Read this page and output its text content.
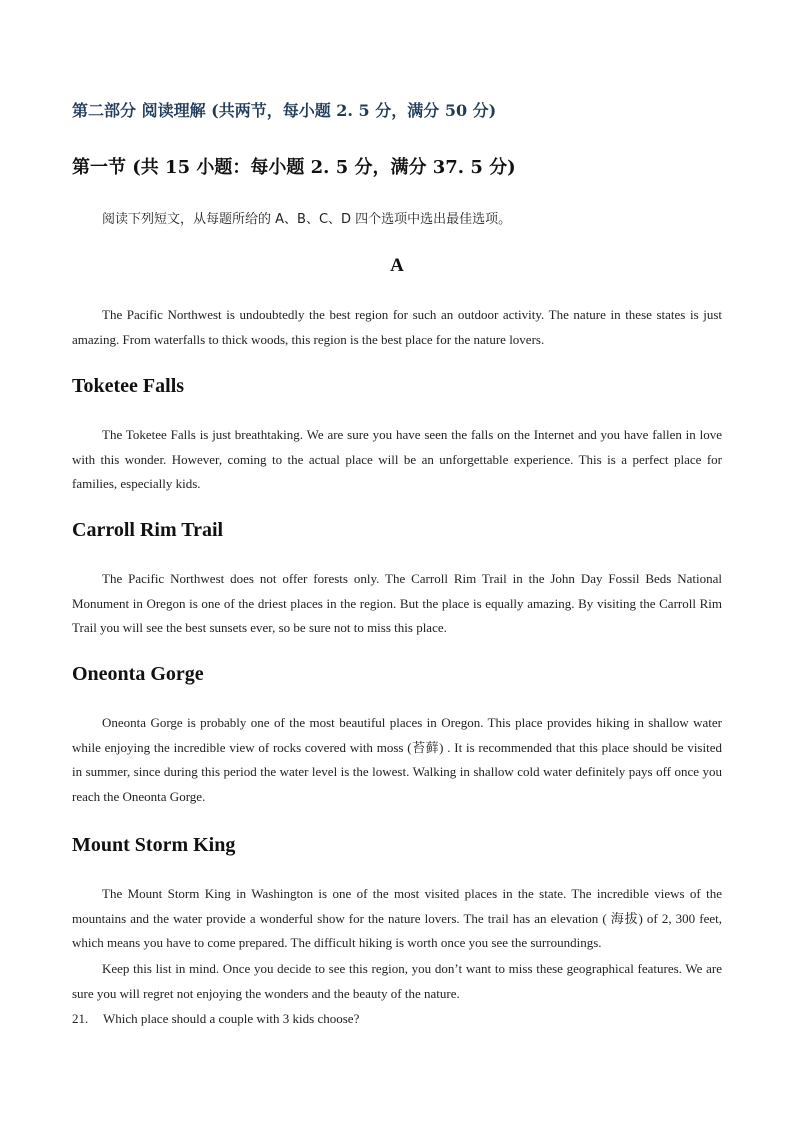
第二部分 阅读理解 (共两节，每小题 2. 5 分，满分 50 分)
第一节 (共 15 小题：每小题 2. 5 分，满分 37. 5 分)
阅读下列短文，从每题所给的 A、B、C、D 四个选项中选出最佳选项。
A

The Pacific Northwest is undoubtedly the best region for such an outdoor activity. The nature in these states is just amazing. From waterfalls to thick woods, this region is the best place for the nature lovers.

Toketee Falls

The Toketee Falls is just breathtaking. We are sure you have seen the falls on the Internet and you have fallen in love with this wonder. However, coming to the actual place will be an unforgettable experience. This is a perfect place for families, especially kids.

Carroll Rim Trail

The Pacific Northwest does not offer forests only. The Carroll Rim Trail in the John Day Fossil Beds National Monument in Oregon is one of the driest places in the region. But the place is equally amazing. By visiting the Carroll Rim Trail you will see the best sunsets ever, so be sure not to miss this place.

Oneonta Gorge

Oneonta Gorge is probably one of the most beautiful places in Oregon. This place provides hiking in shallow water while enjoying the incredible view of rocks covered with moss (苔藓) . It is recommended that this place should be visited in summer, since during this period the water level is the lowest. Walking in shallow cold water definitely pays off once you reach the Oneonta Gorge.

Mount Storm King

The Mount Storm King in Washington is one of the most visited places in the state. The incredible views of the mountains and the water provide a wonderful show for the nature lovers. The trail has an elevation ( 海拔) of 2, 300 feet, which means you have to come prepared. The difficult hiking is worth once you see the surroundings.

Keep this list in mind. Once you decide to see this region, you don’t want to miss these geographical features. We are sure you will regret not enjoying the wonders and the beauty of the nature.

21. Which place should a couple with 3 kids choose?
